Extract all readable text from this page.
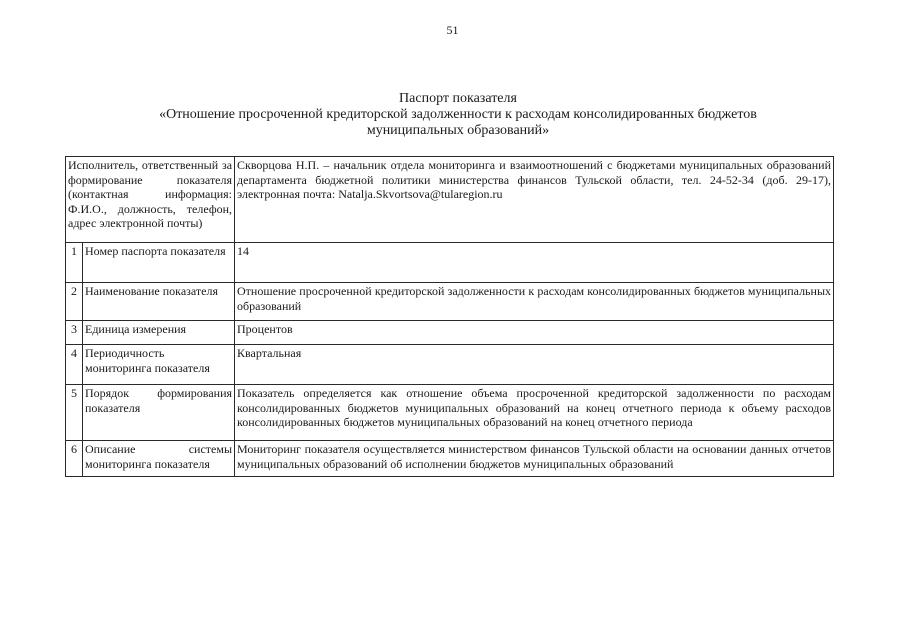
51
Паспорт показателя
«Отношение просроченной кредиторской задолженности к расходам консолидированных бюджетов
муниципальных образований»
Исполнитель, ответственный за формирование показателя (контактная информация: Ф.И.О., должность, телефон, адрес электронной почты)		Скворцова Н.П. – начальник отдела мониторинга и взаимоотношений с бюджетами муниципальных образований департамента бюджетной политики министерства финансов Тульской области, тел. 24-52-34 (доб. 29-17), электронная почта: Natalja.Skvortsova@tularegion.ru
1	Номер паспорта показателя	14
2	Наименование показателя	Отношение просроченной кредиторской задолженности к расходам консолидированных бюджетов муниципальных образований
3	Единица измерения	Процентов
4	Периодичность мониторинга показателя	Квартальная
5	Порядок формирования показателя	Показатель определяется как отношение объема просроченной кредиторской задолженности по расходам консолидированных бюджетов муниципальных образований на конец отчетного периода к объему расходов консолидированных бюджетов муниципальных образований на конец отчетного периода
6	Описание системы мониторинга показателя	Мониторинг показателя осуществляется министерством финансов Тульской области на основании данных отчетов муниципальных образований об исполнении бюджетов муниципальных образований
